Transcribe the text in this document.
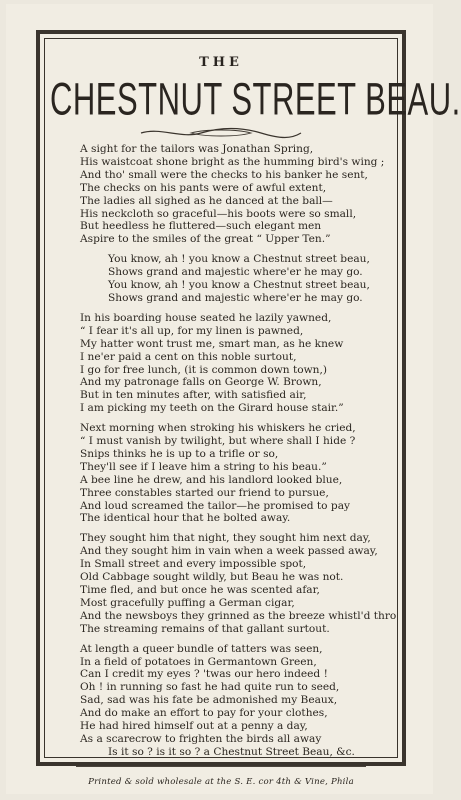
THE
CHESTNUT STREET BEAU.
A sight for the tailors was Jonathan Spring,
His waistcoat shone bright as the humming bird's wing ;
And tho' small were the checks to his banker he sent,
The checks on his pants were of awful extent,
The ladies all sighed as he danced at the ball—
His neckcloth so graceful—his boots were so small,
But heedless he fluttered—such elegant men
Aspire to the smiles of the great “ Upper Ten.”
You know, ah ! you know a Chestnut street beau,
Shows grand and majestic where'er he may go.
You know, ah ! you know a Chestnut street beau,
Shows grand and majestic where'er he may go.
In his boarding house seated he lazily yawned,
“ I fear it's all up, for my linen is pawned,
My hatter wont trust me, smart man, as he knew
I ne'er paid a cent on this noble surtout,
I go for free lunch, (it is common down town,)
And my patronage falls on George W. Brown,
But in ten minutes after, with satisfied air,
I am picking my teeth on the Girard house stair.”
Next morning when stroking his whiskers he cried,
“ I must vanish by twilight, but where shall I hide ?
Snips thinks he is up to a trifle or so,
They'll see if I leave him a string to his beau.”
A bee line he drew, and his landlord looked blue,
Three constables started our friend to pursue,
And loud screamed the tailor—he promised to pay
The identical hour that he bolted away.
They sought him that night, they sought him next day,
And they sought him in vain when a week passed away,
In Small street and every impossible spot,
Old Cabbage sought wildly, but Beau he was not.
Time fled, and but once he was scented afar,
Most gracefully puffing a German cigar,
And the newsboys they grinned as the breeze whistl'd thro
The streaming remains of that gallant surtout.
At length a queer bundle of tatters was seen,
In a field of potatoes in Germantown Green,
Can I credit my eyes ? 'twas our hero indeed !
Oh ! in running so fast he had quite run to seed,
Sad, sad was his fate be admonished my Beaux,
And do make an effort to pay for your clothes,
He had hired himself out at a penny a day,
As a scarecrow to frighten the birds all away
Is it so ? is it so ? a Chestnut Street Beau, &c.
Printed & sold wholesale at the S. E. cor 4th & Vine, Phila
